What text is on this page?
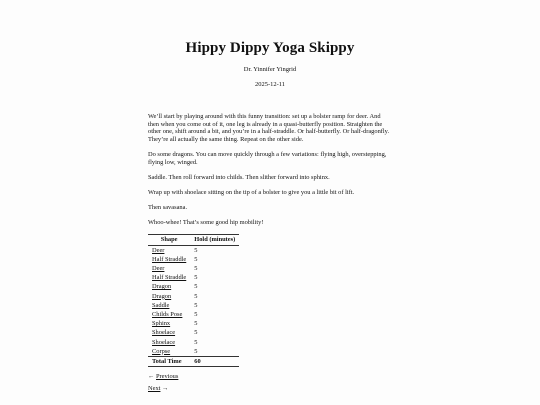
Hippy Dippy Yoga Skippy
Dr. Yinnifer Yingrid
2025-12-11

We’ll start by playing around with this funny transition: set up a bolster ramp for deer. And then when you come out of it, one leg is already in a quasi-butterfly position. Straighten the other one, shift around a bit, and you’re in a half-straddle. Or half-butterfly. Or half-dragonfly. They’re all actually the same thing. Repeat on the other side.

Do some dragons. You can move quickly through a few variations: flying high, overstepping, flying low, winged.

Saddle. Then roll forward into childs. Then slither forward into sphinx.

Wrap up with shoelace sitting on the tip of a bolster to give you a little bit of lift.

Then savasana.

Whoo-whee! That’s some good hip mobility!

Shape	Hold (minutes)
Deer	5
Half Straddle	5
Deer	5
Half Straddle	5
Dragon	5
Dragon	5
Saddle	5
Childs Pose	5
Sphinx	5
Shoelace	5
Shoelace	5
Corpse	5
Total Time	60
← Previous
Next →
